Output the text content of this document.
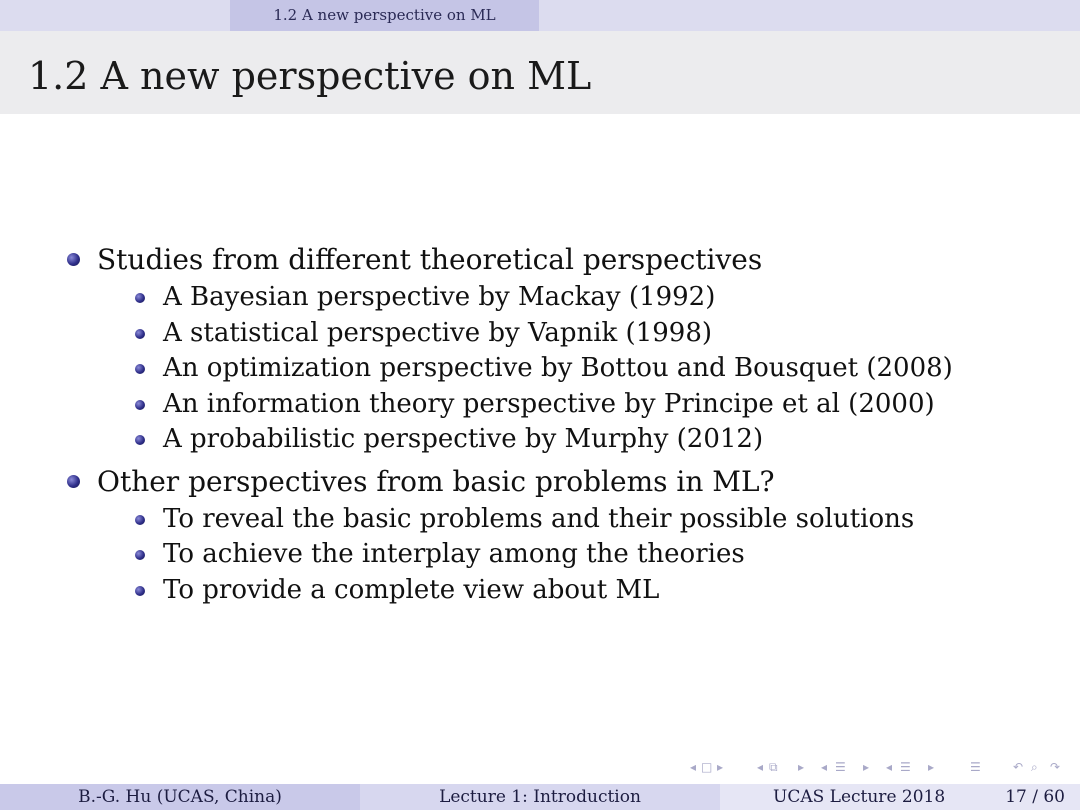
1.2 A new perspective on ML
1.2 A new perspective on ML
Studies from different theoretical perspectives
A Bayesian perspective by Mackay (1992)
A statistical perspective by Vapnik (1998)
An optimization perspective by Bottou and Bousquet (2008)
An information theory perspective by Principe et al (2000)
A probabilistic perspective by Murphy (2012)
Other perspectives from basic problems in ML?
To reveal the basic problems and their possible solutions
To achieve the interplay among the theories
To provide a complete view about ML
◂ □ ▸	◂ ⧉ ▸ ◂ ☰ ▸ ◂ ☰ ▸	☰	↶ ⌕ ↷
B.-G. Hu (UCAS, China)	Lecture 1: Introduction	UCAS Lecture 2018	17 / 60
